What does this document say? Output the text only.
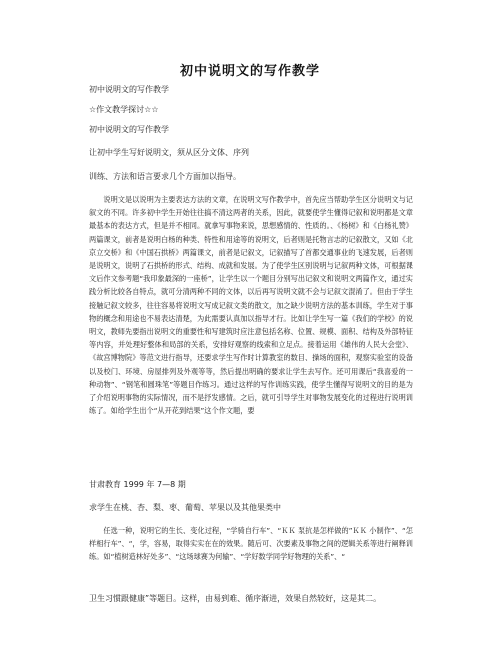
初中说明文的写作教学
初中说明文的写作教学
☆作文教学探讨☆☆
初中说明文的写作教学
让初中学生写好说明文，须从区分文体、序列
训练、方法和语言要求几个方面加以指导。
说明文是以说明为主要表达方法的文章，在说明文写作教学中，首先应当帮助学生区分说明文与记叙文的不同。许多初中学生开始往往搞不清这两者的关系，因此，就要使学生懂得记叙和说明都是文章最基本的表达方式，但是并不相同。就拿写事物来说，思想感情的、性质的。、《杨树》和《白杨礼赞》两篇课文，前者是说明白杨的种类、特性和用途等的说明文，后者则是托物言志的记叙散文，又如《北京立交桥》和《中国石拱桥》两篇课文，前者是记叙文，记叙描写了首都交通事业的飞速发展，后者则是说明文，说明了石拱桥的形式、结构、成就和发展。为了使学生区别说明与记叙两种文体，可根据课文后作文参考题“我印象最深的一座桥”，让学生以一个题目分别写出记叙文和说明文两篇作文，通过实践分析比较各自特点，就可分清两种不同的文体，以后再写说明文就不会与记叙文混淆了。但由于学生接触记叙文较多，往往容易将说明文写成记叙文类的散文，加之缺少说明方法的基本训练，学生对于事物的概念和用途也不易表达清楚，为此需要认真加以指导才行。比如让学生写一篇《我们的学校》的说明文，教师先要指出说明文的重要性和写建筑时应注意包括名称、位置、规模、面积、结构及外部特征等内容，并处理好整体和局部的关系，安排好观察的线索和立足点。接着运用《雄伟的人民大会堂》、《故宫博物院》等范文进行指导，还要求学生写作时计算教室的数目、操场的面积，观察实验室的设备以及校门、环境、房屋排列及外观等等，然后提出明确的要求让学生去写作。还可用课后“我喜爱的一种动物”、“钢笔和圆珠笔”等题目作练习。通过这样的写作训练实践，使学生懂得写说明文的目的是为了介绍说明事物的实际情况，而不是抒发感情。之后，就可引导学生对事物发展变化的过程进行说明训练了。如给学生出个“从开花到结果”这个作文题，要
甘肃教育 1999 年 7—8 期
求学生在桃、杏、梨、枣、葡萄、苹果以及其他果类中
任选一种，说明它的生长、变化过程，“学骑自行车”、“ＫＫ 泵抗是怎样做的”ＫＫ 小制作”、“怎样相行车”、“，学，容易，取得实实在在的效果。随后可、次要素及事物之间的逻辑关系等进行阐释训练。如“植树造林好处多”、“这场球赛为何输”、“学好数学同学好物理的关系”、“
卫生习惯跟健康”等题目。这样，由易到难、循序渐进，效果自然较好，这是其二。
